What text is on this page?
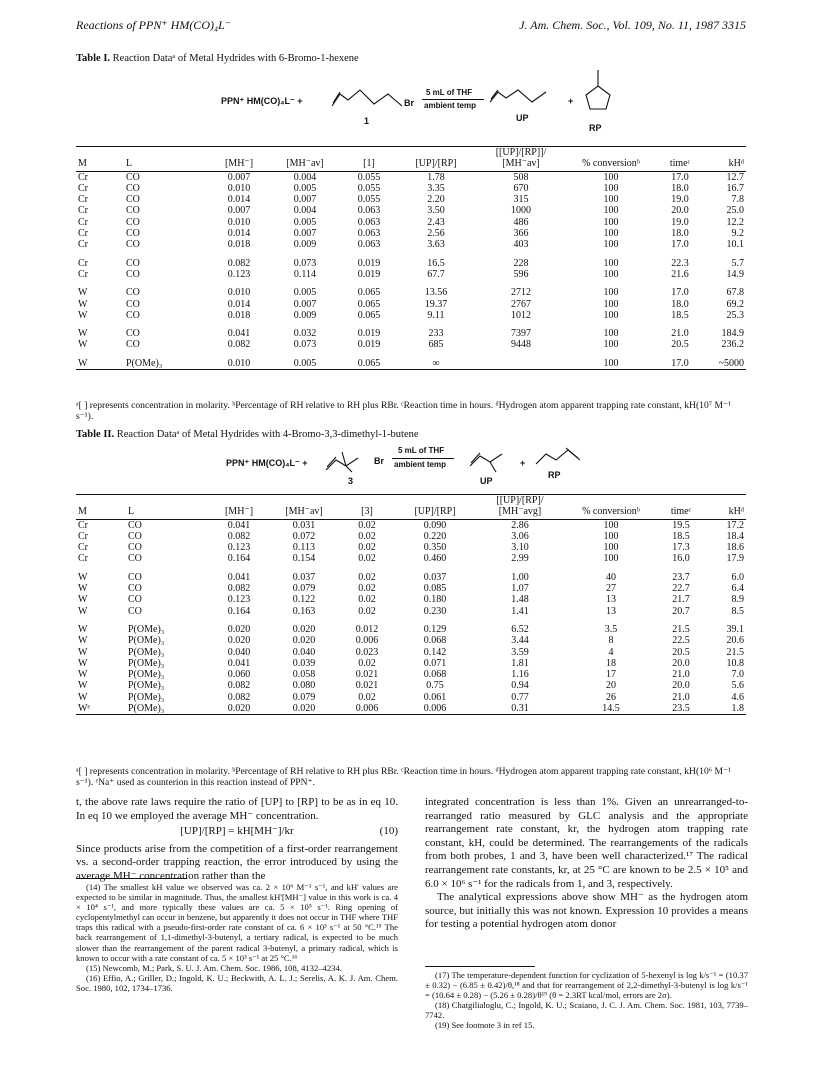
Reactions of PPN⁺ HM(CO)₄L⁻	J. Am. Chem. Soc., Vol. 109, No. 11, 1987 3315
Table I. Reaction Dataᵃ of Metal Hydrides with 6-Bromo-1-hexene
PPN⁺ HM(CO)₄L⁻ +	Br
5 mL of THF
ambient temp
1	UP
+
RP
M	L	[MH⁻]	[MH⁻av]	[1]	[UP]/[RP]	[[UP]/[RP]]/ [MH⁻av]	% conversionᵇ	timeᶜ	kHᵈ
Cr	CO	0.007	0.004	0.055	1.78	508	100	17.0	12.7
Cr	CO	0.010	0.005	0.055	3.35	670	100	18.0	16.7
Cr	CO	0.014	0.007	0.055	2.20	315	100	19.0	7.8
Cr	CO	0.007	0.004	0.063	3.50	1000	100	20.0	25.0
Cr	CO	0.010	0.005	0.063	2.43	486	100	19.0	12.2
Cr	CO	0.014	0.007	0.063	2.56	366	100	18.0	9.2
Cr	CO	0.018	0.009	0.063	3.63	403	100	17.0	10.1
Cr	CO	0.082	0.073	0.019	16.5	228	100	22.3	5.7
Cr	CO	0.123	0.114	0.019	67.7	596	100	21.6	14.9
W	CO	0.010	0.005	0.065	13.56	2712	100	17.0	67.8
W	CO	0.014	0.007	0.065	19.37	2767	100	18.0	69.2
W	CO	0.018	0.009	0.065	9.11	1012	100	18.5	25.3
W	CO	0.041	0.032	0.019	233	7397	100	21.0	184.9
W	CO	0.082	0.073	0.019	685	9448	100	20.5	236.2
W	P(OMe)₃	0.010	0.005	0.065	∞		100	17.0	~5000
ᵃ[ ] represents concentration in molarity. ᵇPercentage of RH relative to RH plus RBr. ᶜReaction time in hours. ᵈHydrogen atom apparent trapping rate constant, kH(10⁷ M⁻¹ s⁻¹).
Table II. Reaction Dataᵃ of Metal Hydrides with 4-Bromo-3,3-dimethyl-1-butene
PPN⁺ HM(CO)₄L⁻ +	Br
5 mL of THF
ambient temp
3	UP
+
RP
M	L	[MH⁻]	[MH⁻av]	[3]	[UP]/[RP]	[[UP]/[RP]/ [MH⁻avg]	% conversionᵇ	timeᶜ	kHᵈ
Cr	CO	0.041	0.031	0.02	0.090	2.86	100	19.5	17.2
Cr	CO	0.082	0.072	0.02	0.220	3.06	100	18.5	18.4
Cr	CO	0.123	0.113	0.02	0.350	3.10	100	17.3	18.6
Cr	CO	0.164	0.154	0.02	0.460	2.99	100	16.0	17.9
W	CO	0.041	0.037	0.02	0.037	1.00	40	23.7	6.0
W	CO	0.082	0.079	0.02	0.085	1.07	27	22.7	6.4
W	CO	0.123	0.122	0.02	0.180	1.48	13	21.7	8.9
W	CO	0.164	0.163	0.02	0.230	1.41	13	20.7	8.5
W	P(OMe)₃	0.020	0.020	0.012	0.129	6.52	3.5	21.5	39.1
W	P(OMe)₃	0.020	0.020	0.006	0.068	3.44	8	22.5	20.6
W	P(OMe)₃	0.040	0.040	0.023	0.142	3.59	4	20.5	21.5
W	P(OMe)₃	0.041	0.039	0.02	0.071	1.81	18	20.0	10.8
W	P(OMe)₃	0.060	0.058	0.021	0.068	1.16	17	21.0	7.0
W	P(OMe)₃	0.082	0.080	0.021	0.75	0.94	20	20.0	5.6
W	P(OMe)₃	0.082	0.079	0.02	0.061	0.77	26	21.0	4.6
Wᵉ	P(OMe)₃	0.020	0.020	0.006	0.006	0.31	14.5	23.5	1.8
ᵃ[ ] represents concentration in molarity. ᵇPercentage of RH relative to RH plus RBr. ᶜReaction time in hours. ᵈHydrogen atom apparent trapping rate constant, kH(10⁶ M⁻¹ s⁻¹). ᵉNa⁺ used as counterion in this reaction instead of PPN⁺.

t, the above rate laws require the ratio of [UP] to [RP] to be as in eq 10. In eq 10 we employed the average MH⁻ concentration.

[UP]/[RP] = kH[MH⁻]/kr	(10)

Since products arise from the competition of a first-order rearrangement vs. a second-order trapping reaction, the error introduced by using the average MH⁻ concentration rather than the

(14) The smallest kH value we observed was ca. 2 × 10⁶ M⁻¹ s⁻¹, and kH' values are expected to be similar in magnitude. Thus, the smallest kH'[MH⁻] value in this work is ca. 4 × 10⁴ s⁻¹, and more typically these values are ca. 5 × 10⁵ s⁻¹. Ring opening of cyclopentylmethyl can occur in benzene, but apparently it does not occur in THF where THF traps this radical with a pseudo-first-order rate constant of ca. 6 × 10³ s⁻¹ at 50 °C.¹⁵ The back rearrangement of 1,1-dimethyl-3-butenyl, a tertiary radical, is expected to be much slower than the rearrangement of the parent radical 3-butenyl, a primary radical, which is known to occur with a rate constant of ca. 5 × 10³ s⁻¹ at 25 °C.¹⁶

(15) Newcomb, M.; Park, S. U. J. Am. Chem. Soc. 1986, 108, 4132–4234.

(16) Effio, A.; Griller, D.; Ingold, K. U.; Beckwith, A. L. J.; Serelis, A. K. J. Am. Chem. Soc. 1980, 102, 1734–1736.

integrated concentration is less than 1%. Given an unrearranged-to-rearranged ratio measured by GLC analysis and the appropriate rearrangement rate constant, kr, the hydrogen atom trapping rate constant, kH, could be determined. The rearrangements of the radicals from both probes, 1 and 3, have been well characterized.¹⁷ The radical rearrangement rate constants, kr, at 25 °C are known to be 2.5 × 10⁵ and 6.0 × 10⁶ s⁻¹ for the radicals from 1, and 3, respectively.

The analytical expressions above show MH⁻ as the hydrogen atom source, but initially this was not known. Expression 10 provides a means for testing a potential hydrogen atom donor

(17) The temperature-dependent function for cyclization of 5-hexenyl is log k/s⁻¹ = (10.37 ± 0.32) − (6.85 ± 0.42)/θ,¹⁸ and that for rearrangement of 2,2-dimethyl-3-butenyl is log k/s⁻¹ = (10.64 ± 0.28) − (5.26 ± 0.28)/θ¹⁹ (θ = 2.3RT kcal/mol, errors are 2σ).

(18) Chatgilialoglu, C.; Ingold, K. U.; Scaiano, J. C. J. Am. Chem. Soc. 1981, 103, 7739–7742.

(19) See footnote 3 in ref 15.
